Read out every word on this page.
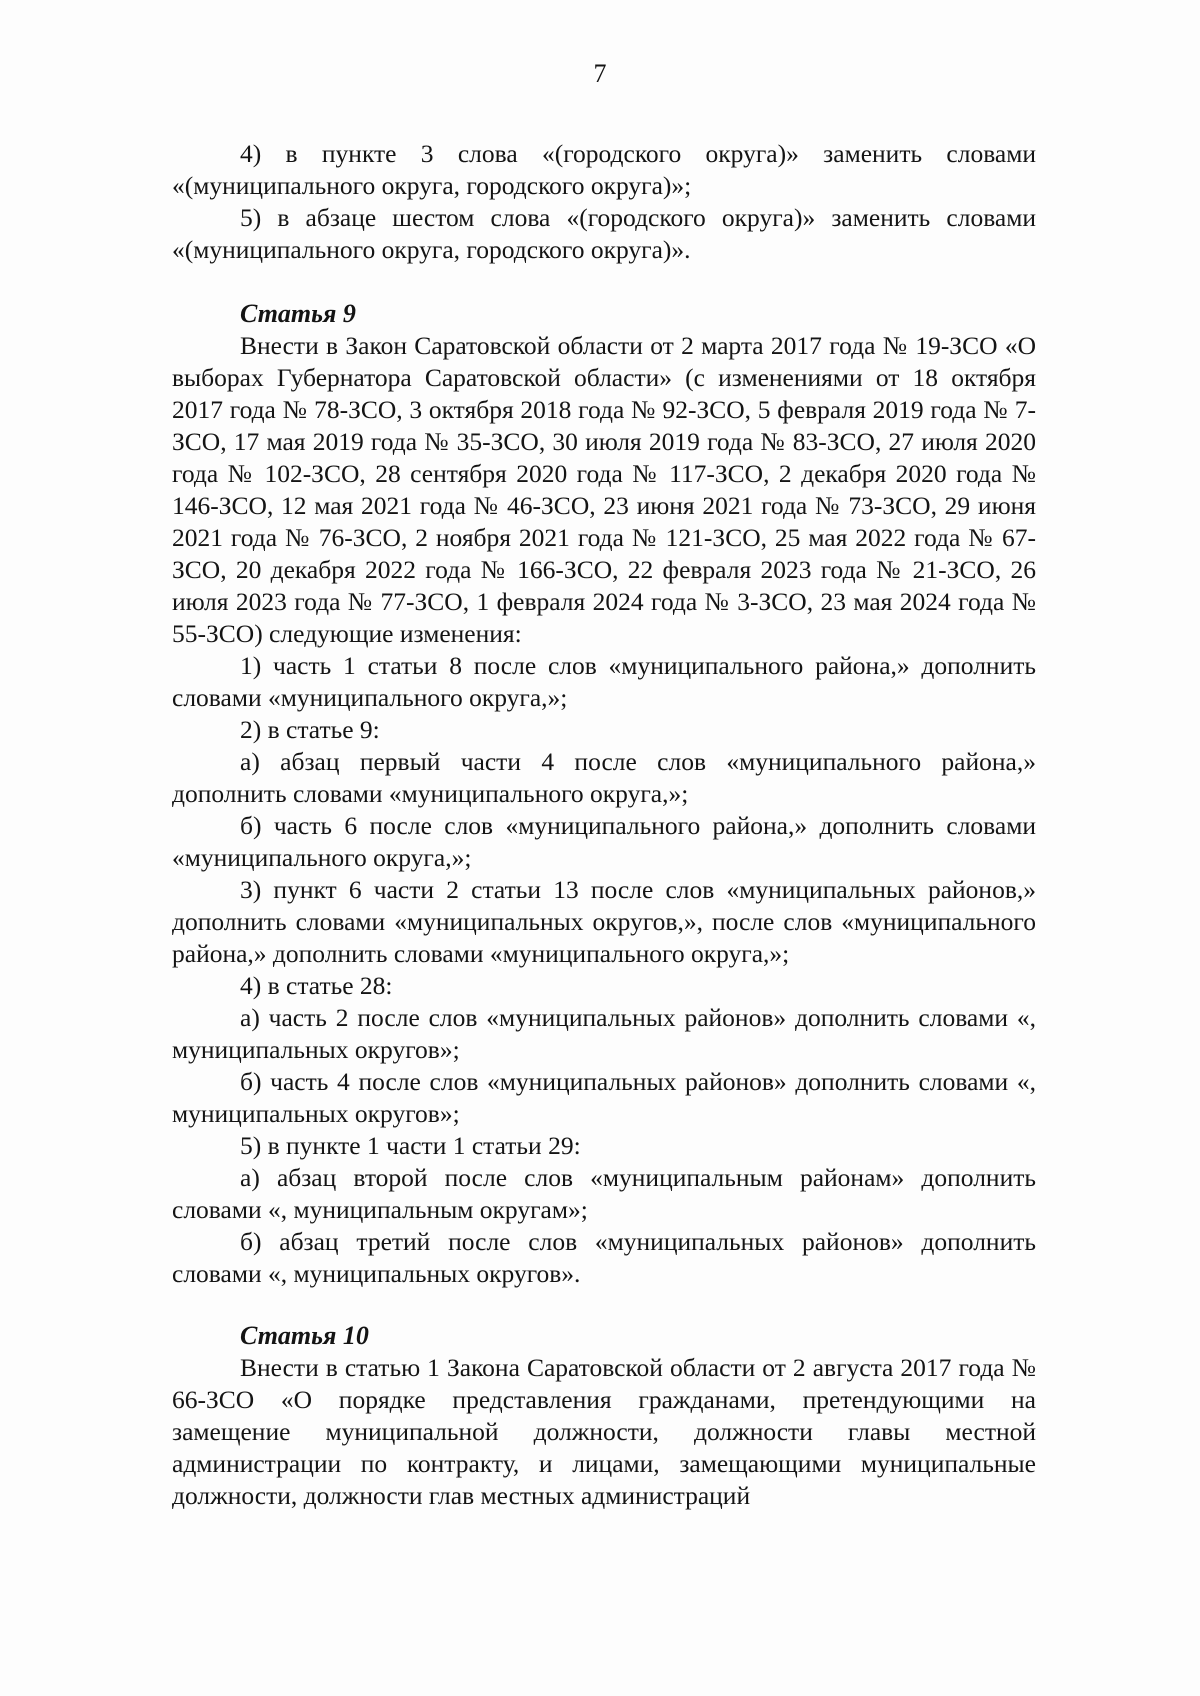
7

4) в пункте 3 слова «(городского округа)» заменить словами «(муниципального округа, городского округа)»;

5) в абзаце шестом слова «(городского округа)» заменить словами «(муниципального округа, городского округа)».

Статья 9

Внести в Закон Саратовской области от 2 марта 2017 года № 19-ЗСО «О выборах Губернатора Саратовской области» (с изменениями от 18 октября 2017 года № 78-ЗСО, 3 октября 2018 года № 92-ЗСО, 5 февраля 2019 года № 7-ЗСО, 17 мая 2019 года № 35-ЗСО, 30 июля 2019 года № 83-ЗСО, 27 июля 2020 года № 102-ЗСО, 28 сентября 2020 года № 117-ЗСО, 2 декабря 2020 года № 146-ЗСО, 12 мая 2021 года № 46-ЗСО, 23 июня 2021 года № 73-ЗСО, 29 июня 2021 года № 76-ЗСО, 2 ноября 2021 года № 121-ЗСО, 25 мая 2022 года № 67-ЗСО, 20 декабря 2022 года № 166-ЗСО, 22 февраля 2023 года № 21-ЗСО, 26 июля 2023 года № 77-ЗСО, 1 февраля 2024 года № 3-ЗСО, 23 мая 2024 года № 55-ЗСО) следующие изменения:

1) часть 1 статьи 8 после слов «муниципального района,» дополнить словами «муниципального округа,»;

2) в статье 9:

а) абзац первый части 4 после слов «муниципального района,» дополнить словами «муниципального округа,»;

б) часть 6 после слов «муниципального района,» дополнить словами «муниципального округа,»;

3) пункт 6 части 2 статьи 13 после слов «муниципальных районов,» дополнить словами «муниципальных округов,», после слов «муниципального района,» дополнить словами «муниципального округа,»;

4) в статье 28:

а) часть 2 после слов «муниципальных районов» дополнить словами «, муниципальных округов»;

б) часть 4 после слов «муниципальных районов» дополнить словами «, муниципальных округов»;

5) в пункте 1 части 1 статьи 29:

а) абзац второй после слов «муниципальным районам» дополнить словами «, муниципальным округам»;

б) абзац третий после слов «муниципальных районов» дополнить словами «, муниципальных округов».

Статья 10

Внести в статью 1 Закона Саратовской области от 2 августа 2017 года № 66-ЗСО «О порядке представления гражданами, претендующими на замещение муниципальной должности, должности главы местной администрации по контракту, и лицами, замещающими муниципальные должности, должности глав местных администраций
